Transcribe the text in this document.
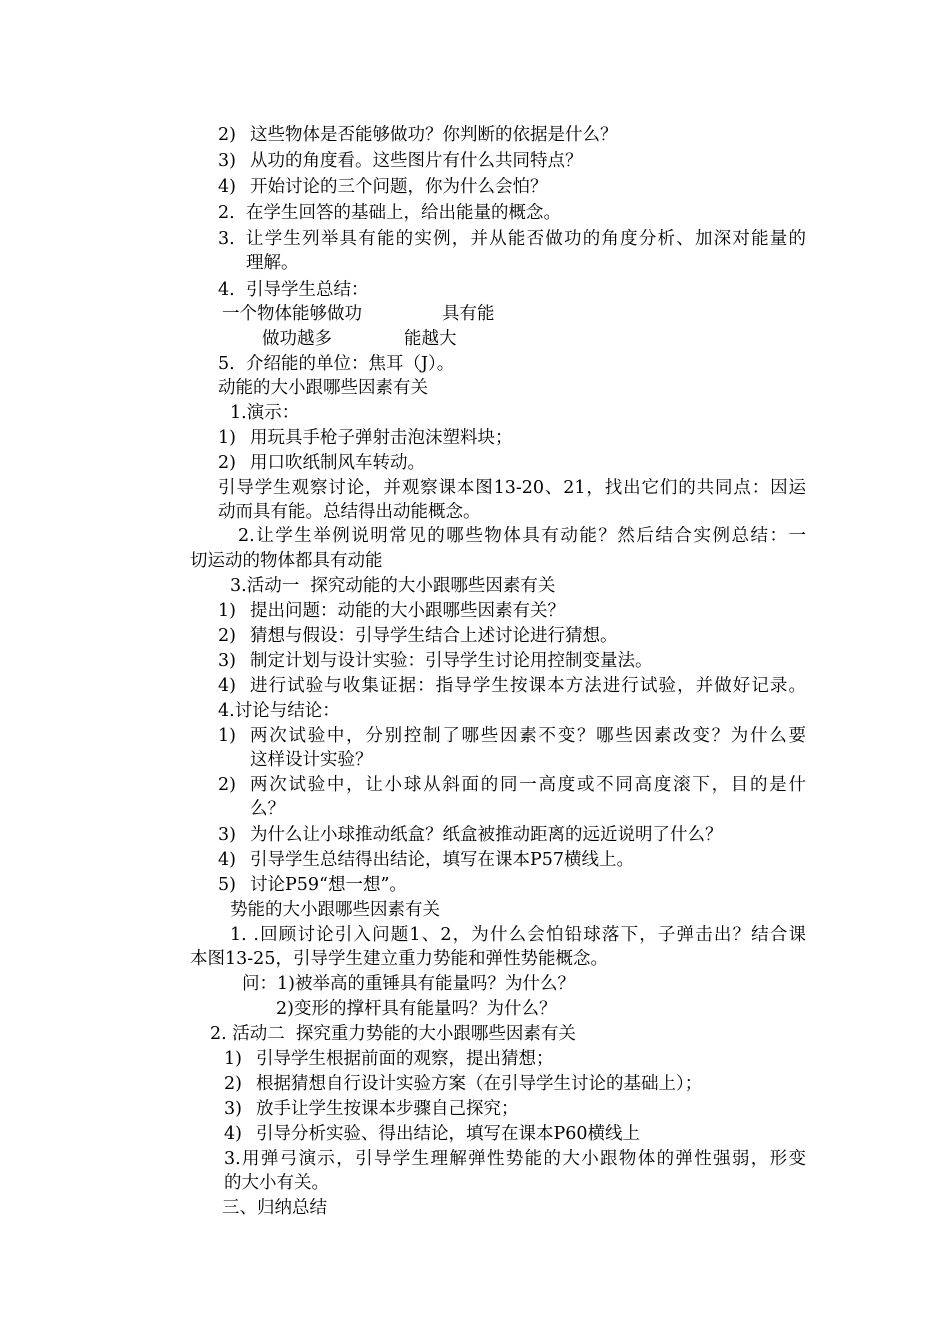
2) 这些物体是否能够做功？你判断的依据是什么？
3) 从功的角度看。这些图片有什么共同特点？
4) 开始讨论的三个问题，你为什么会怕？
2. 在学生回答的基础上，给出能量的概念。
3. 让学生列举具有能的实例，并从能否做功的角度分析、加深对能量的
理解。
4. 引导学生总结：
一个物体能够做功	具有能
做功越多	能越大
5. 介绍能的单位：焦耳（J）。
动能的大小跟哪些因素有关
1.演示：
1) 用玩具手枪子弹射击泡沫塑料块；
2) 用口吹纸制风车转动。
引导学生观察讨论，并观察课本图13-20、21，找出它们的共同点：因运
动而具有能。总结得出动能概念。
2.让学生举例说明常见的哪些物体具有动能？然后结合实例总结：一
切运动的物体都具有动能
3.活动一  探究动能的大小跟哪些因素有关
1) 提出问题：动能的大小跟哪些因素有关？
2) 猜想与假设：引导学生结合上述讨论进行猜想。
3) 制定计划与设计实验：引导学生讨论用控制变量法。
4) 进行试验与收集证据：指导学生按课本方法进行试验，并做好记录。
4.讨论与结论：
1) 两次试验中，分别控制了哪些因素不变？哪些因素改变？为什么要
这样设计实验？
2) 两次试验中，让小球从斜面的同一高度或不同高度滚下，目的是什
么？
3) 为什么让小球推动纸盒？纸盒被推动距离的远近说明了什么？
4) 引导学生总结得出结论，填写在课本P57横线上。
5) 讨论P59“想一想”。
势能的大小跟哪些因素有关
1. .回顾讨论引入问题1、2，为什么会怕铅球落下，子弹击出？结合课
本图13-25，引导学生建立重力势能和弹性势能概念。
问：1)被举高的重锤具有能量吗？为什么？
2)变形的撑杆具有能量吗？为什么？
2. 活动二  探究重力势能的大小跟哪些因素有关
1) 引导学生根据前面的观察，提出猜想；
2) 根据猜想自行设计实验方案（在引导学生讨论的基础上）；
3) 放手让学生按课本步骤自己探究；
4) 引导分析实验、得出结论，填写在课本P60横线上
3.用弹弓演示，引导学生理解弹性势能的大小跟物体的弹性强弱，形变
的大小有关。
三、归纳总结
